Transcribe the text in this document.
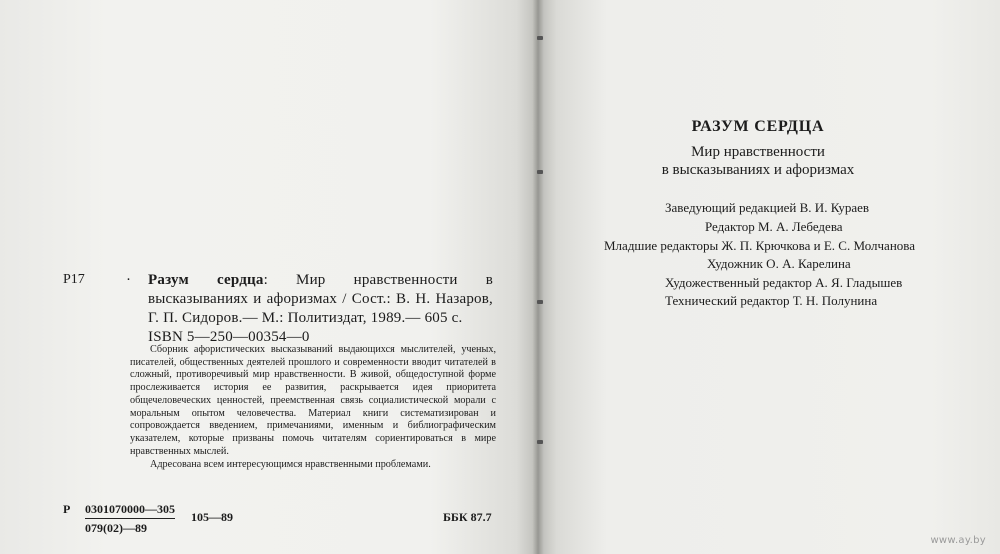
Р17	· Разум сердца: Мир нравственности в высказываниях и афоризмах / Сост.: В. Н. Назаров, Г. П. Сидоров.— М.: Политиздат, 1989.— 605 с.
ISBN 5—250—00354—0

Сборник афористических высказываний выдающихся мыслителей, ученых, писателей, общественных деятелей прошлого и современности вводит читателей в сложный, противоречивый мир нравственности. В живой, общедоступной форме прослеживается история ее развития, раскрывается идея приоритета общечеловеческих ценностей, преемственная связь социалистической морали с моральным опытом человечества. Материал книги систематизирован и сопровождается введением, примечаниями, именным и библиографическим указателем, которые призваны помочь читателям сориентироваться в мире нравственных мыслей.

Адресована всем интересующимся нравственными проблемами.

Р $\frac{0301070000—305}{079(02)—89}$ 105—89	ББК 87.7
РАЗУМ СЕРДЦА
Мир нравственности
в высказываниях и афоризмах
Заведующий редакцией В. И. Кураев
Редактор М. А. Лебедева
Младшие редакторы Ж. П. Крючкова и Е. С. Молчанова
Художник О. А. Карелина
Художественный редактор А. Я. Гладышев
Технический редактор Т. Н. Полунина
www.ay.by
